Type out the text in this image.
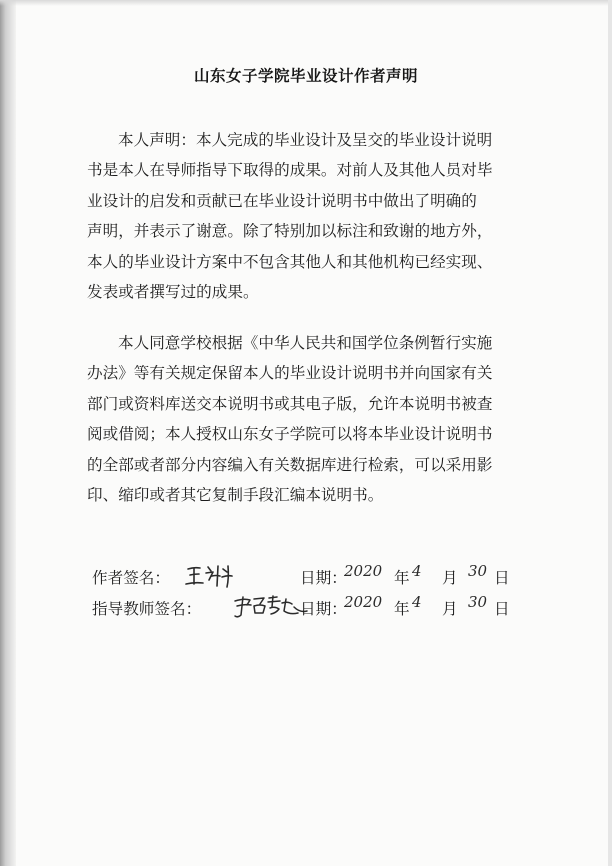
山东女子学院毕业设计作者声明
本人声明：本人完成的毕业设计及呈交的毕业设计说明
书是本人在导师指导下取得的成果。对前人及其他人员对毕
业设计的启发和贡献已在毕业设计说明书中做出了明确的
声明，并表示了谢意。除了特别加以标注和致谢的地方外，
本人的毕业设计方案中不包含其他人和其他机构已经实现、
发表或者撰写过的成果。
本人同意学校根据《中华人民共和国学位条例暂行实施
办法》等有关规定保留本人的毕业设计说明书并向国家有关
部门或资料库送交本说明书或其电子版，允许本说明书被查
阅或借阅；本人授权山东女子学院可以将本毕业设计说明书
的全部或者部分内容编入有关数据库进行检索，可以采用影
印、缩印或者其它复制手段汇编本说明书。
作者签名：	日期：
2020 年 4 月 30 日
指导教师签名：	日期：
2020 年 4 月 30 日
